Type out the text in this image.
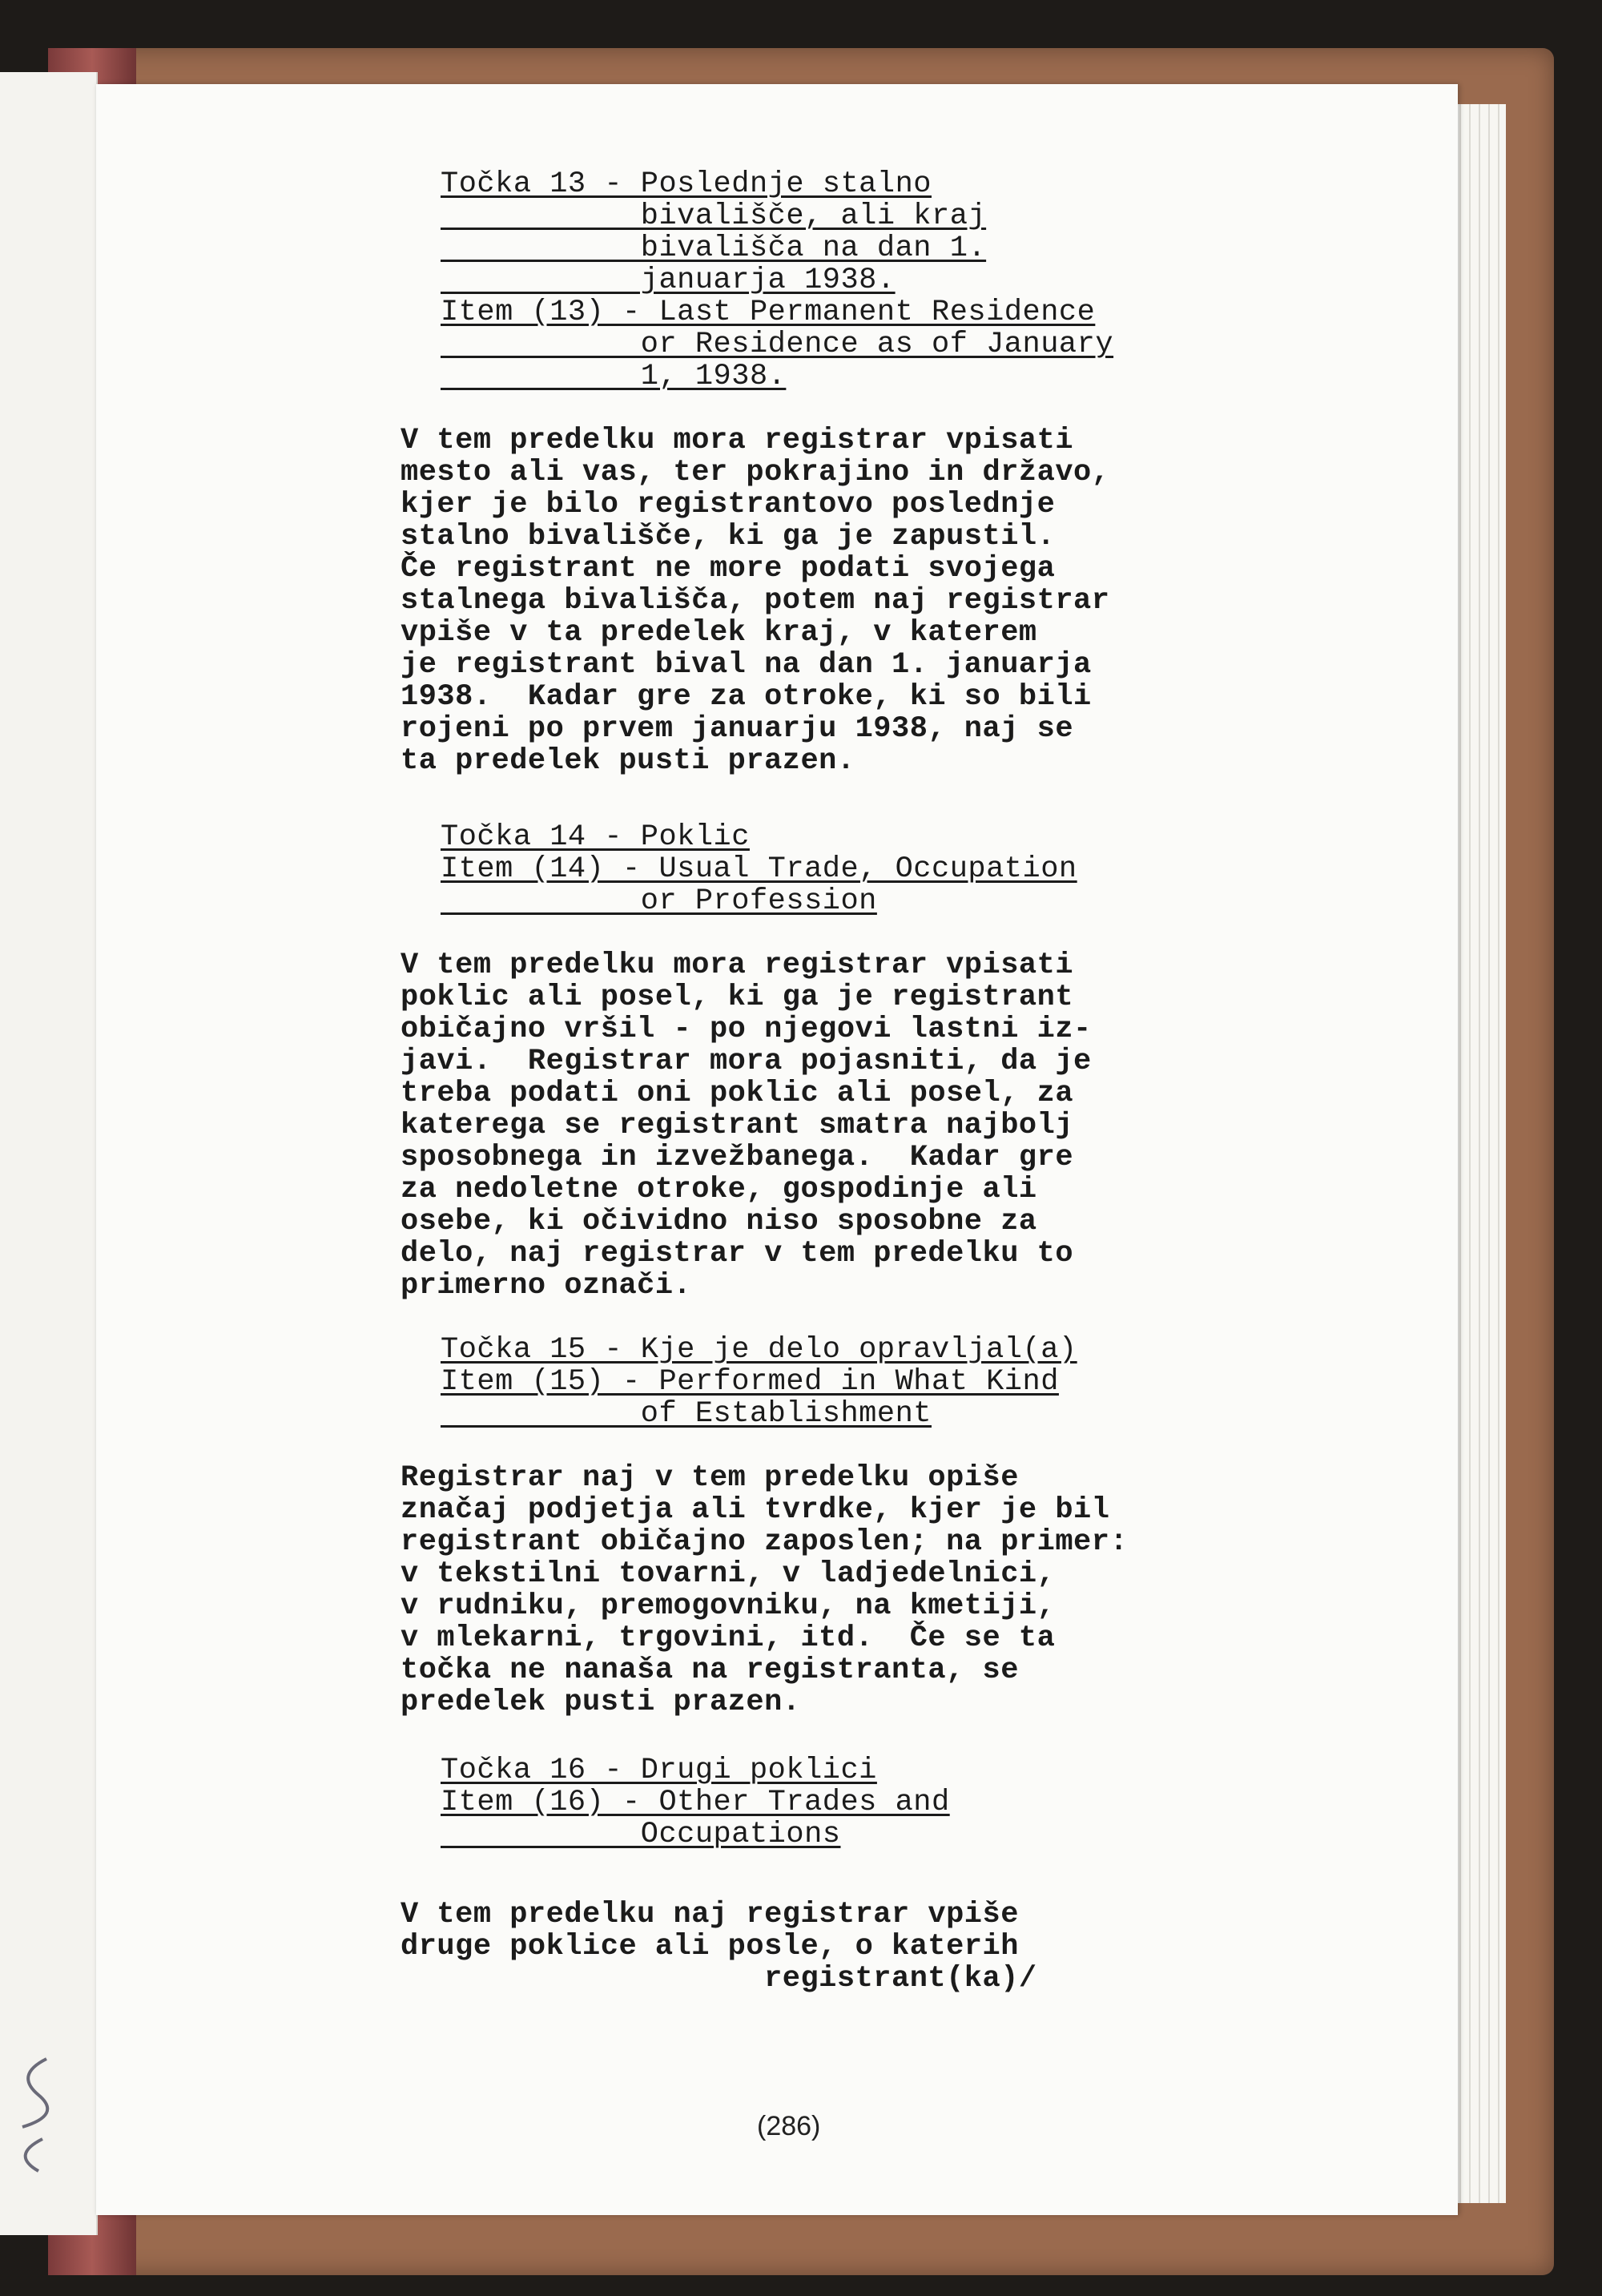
Točka 13 - Poslednje stalno
bivališče, ali kraj
bivališča na dan 1.
januarja 1938.
Item (13) - Last Permanent Residence
or Residence as of January
1, 1938.
V tem predelku mora registrar vpisati
mesto ali vas, ter pokrajino in državo,
kjer je bilo registrantovo poslednje
stalno bivališče, ki ga je zapustil.
Če registrant ne more podati svojega
stalnega bivališča, potem naj registrar
vpiše v ta predelek kraj, v katerem
je registrant bival na dan 1. januarja
1938.  Kadar gre za otroke, ki so bili
rojeni po prvem januarju 1938, naj se
ta predelek pusti prazen.
Točka 14 - Poklic
Item (14) - Usual Trade, Occupation
or Profession
V tem predelku mora registrar vpisati
poklic ali posel, ki ga je registrant
običajno vršil - po njegovi lastni iz-
javi.  Registrar mora pojasniti, da je
treba podati oni poklic ali posel, za
katerega se registrant smatra najbolj
sposobnega in izvežbanega.  Kadar gre
za nedoletne otroke, gospodinje ali
osebe, ki očividno niso sposobne za
delo, naj registrar v tem predelku to
primerno označi.
Točka 15 - Kje je delo opravljal(a)
Item (15) - Performed in What Kind
of Establishment
Registrar naj v tem predelku opiše
značaj podjetja ali tvrdke, kjer je bil
registrant običajno zaposlen; na primer:
v tekstilni tovarni, v ladjedelnici,
v rudniku, premogovniku, na kmetiji,
v mlekarni, trgovini, itd.  Če se ta
točka ne nanaša na registranta, se
predelek pusti prazen.
Točka 16 - Drugi poklici
Item (16) - Other Trades and
Occupations
V tem predelku naj registrar vpiše
druge poklice ali posle, o katerih
registrant(ka)/
(286)
